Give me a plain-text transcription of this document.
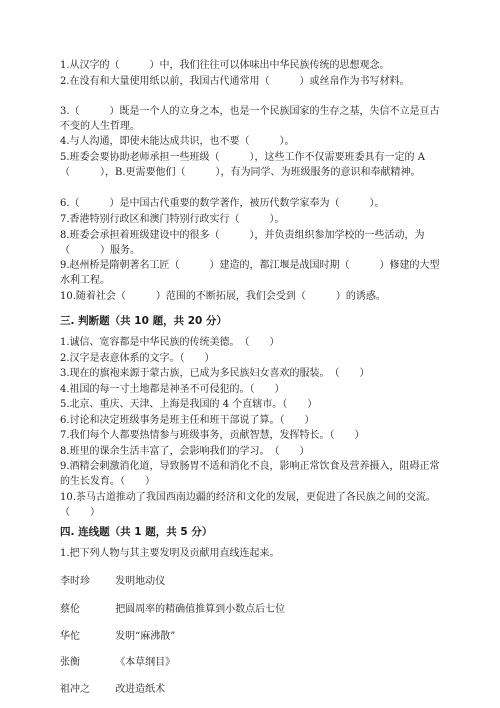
1.从汉字的（　　　）中，我们往往可以体味出中华民族传统的思想观念。

2.在没有和大量使用纸以前，我国古代通常用（　　　）或丝帛作为书写材料。

3.（　　　）既是一个人的立身之本，也是一个民族国家的生存之基，失信不立是亘古不变的人生哲理。

4.与人沟通，即使未能达成共识，也不要（　　　）。

5.班委会要协助老师承担一些班级（　　　），这些工作不仅需要班委具有一定的 A（　　　），B.更需要他们（　　　），有为同学、为班级服务的意识和奉献精神。

6.（　　　）是中国古代重要的数学著作，被历代数学家奉为（　　　）。

7.香港特别行政区和澳门特别行政实行（　　　）。

8.班委会承担着班级建设中的很多（　　　），并负责组织参加学校的一些活动，为（　　　）服务。

9.赵州桥是隋朝著名工匠（　　　）建造的，都江堰是战国时期（　　　）修建的大型水利工程。

10.随着社会（　　　）范围的不断拓展，我们会受到（　　　）的诱惑。

三. 判断题（共 10 题，共 20 分）

1.诚信、宽容都是中华民族的传统美德。　（　　）

2.汉字是表意体系的文字。（　　）

3.现在的旗袍来源于蒙古族，已成为多民族妇女喜欢的服装。　（　　）

4.祖国的每一寸土地都是神圣不可侵犯的。（　　）

5.北京、重庆、天津、上海是我国的 4 个直辖市。（　　）

6.讨论和决定班级事务是班主任和班干部说了算。（　　）

7.我们每个人都要热情参与班级事务，贡献智慧，发挥特长。（　　）

8.班里的课余生活丰富了，会影响我们的学习。　（　　）

9.酒精会刺激消化道，导致肠胃不适和消化不良，影响正常饮食及营养摄入，阻碍正常的生长发育。（　　）

10.茶马古道推动了我国西南边疆的经济和文化的发展，更促进了各民族之间的交流。（　　）

四. 连线题（共 1 题，共 5 分）

1.把下列人物与其主要发明及贡献用直线连起来。

李时珍	发明地动仪
蔡伦	把圆周率的精确值推算到小数点后七位
华佗	发明“麻沸散”
张衡	《本草纲目》
祖冲之	改进造纸术
